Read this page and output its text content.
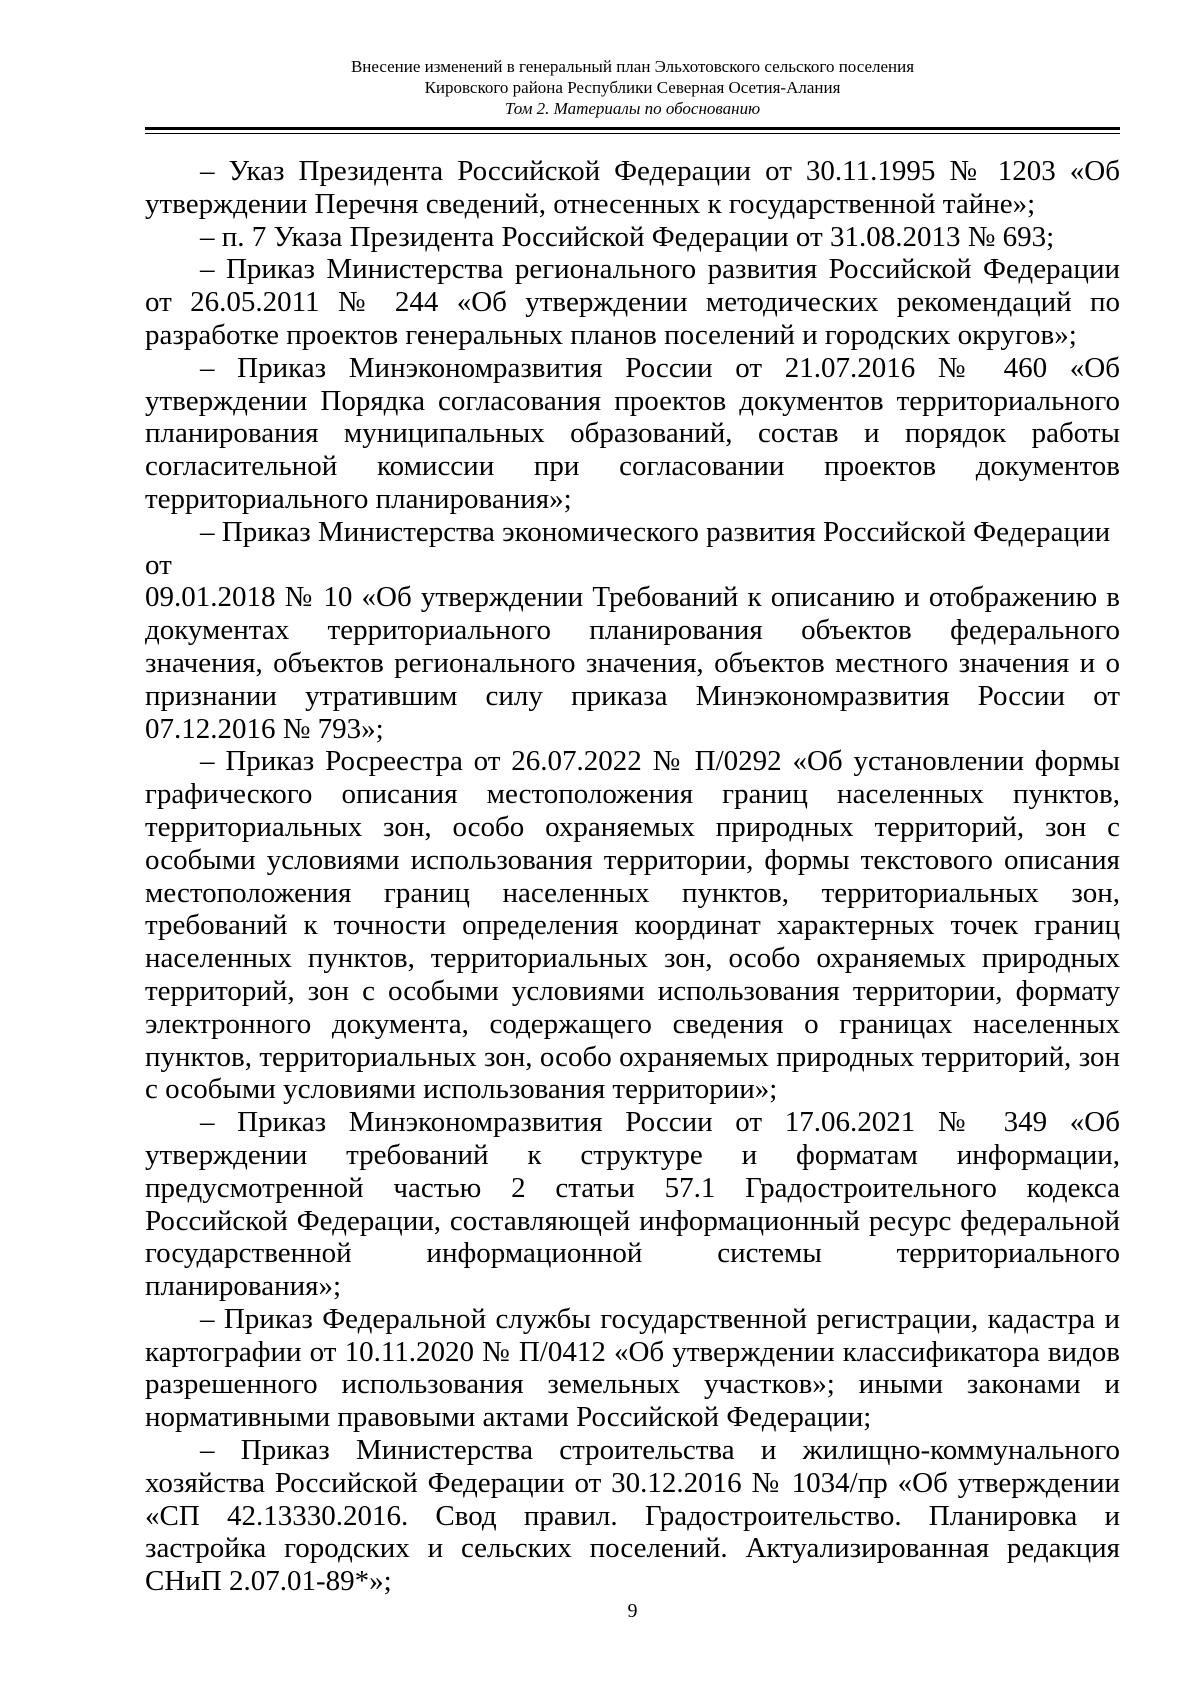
Внесение изменений в генеральный план Эльхотовского сельского поселения
Кировского района Республики Северная Осетия-Алания
Том 2. Материалы по обоснованию

– Указ Президента Российской Федерации от 30.11.1995 № 1203 «Об утверждении Перечня сведений, отнесенных к государственной тайне»;

– п. 7 Указа Президента Российской Федерации от 31.08.2013 № 693;

– Приказ Министерства регионального развития Российской Федерации от 26.05.2011 № 244 «Об утверждении методических рекомендаций по разработке проектов генеральных планов поселений и городских округов»;

– Приказ Минэкономразвития России от 21.07.2016 № 460 «Об утверждении Порядка согласования проектов документов территориального планирования муниципальных образований, состав и порядок работы согласительной комиссии при согласовании проектов документов территориального планирования»;

– Приказ Министерства экономического развития Российской Федерации от

09.01.2018 № 10 «Об утверждении Требований к описанию и отображению в документах территориального планирования объектов федерального значения, объектов регионального значения, объектов местного значения и о признании утратившим силу приказа Минэкономразвития России от 07.12.2016 № 793»;

– Приказ Росреестра от 26.07.2022 № П/0292 «Об установлении формы графического описания местоположения границ населенных пунктов, территориальных зон, особо охраняемых природных территорий, зон с особыми условиями использования территории, формы текстового описания местоположения границ населенных пунктов, территориальных зон, требований к точности определения координат характерных точек границ населенных пунктов, территориальных зон, особо охраняемых природных территорий, зон с особыми условиями использования территории, формату электронного документа, содержащего сведения о границах населенных пунктов, территориальных зон, особо охраняемых природных территорий, зон с особыми условиями использования территории»;

– Приказ Минэкономразвития России от 17.06.2021 № 349 «Об утверждении требований к структуре и форматам информации, предусмотренной частью 2 статьи 57.1 Градостроительного кодекса Российской Федерации, составляющей информационный ресурс федеральной государственной информационной системы территориального планирования»;

– Приказ Федеральной службы государственной регистрации, кадастра и картографии от 10.11.2020 № П/0412 «Об утверждении классификатора видов разрешенного использования земельных участков»; иными законами и нормативными правовыми актами Российской Федерации;

– Приказ Министерства строительства и жилищно-коммунального хозяйства Российской Федерации от 30.12.2016 № 1034/пр «Об утверждении «СП 42.13330.2016. Свод правил. Градостроительство. Планировка и застройка городских и сельских поселений. Актуализированная редакция СНиП 2.07.01-89*»;

9
